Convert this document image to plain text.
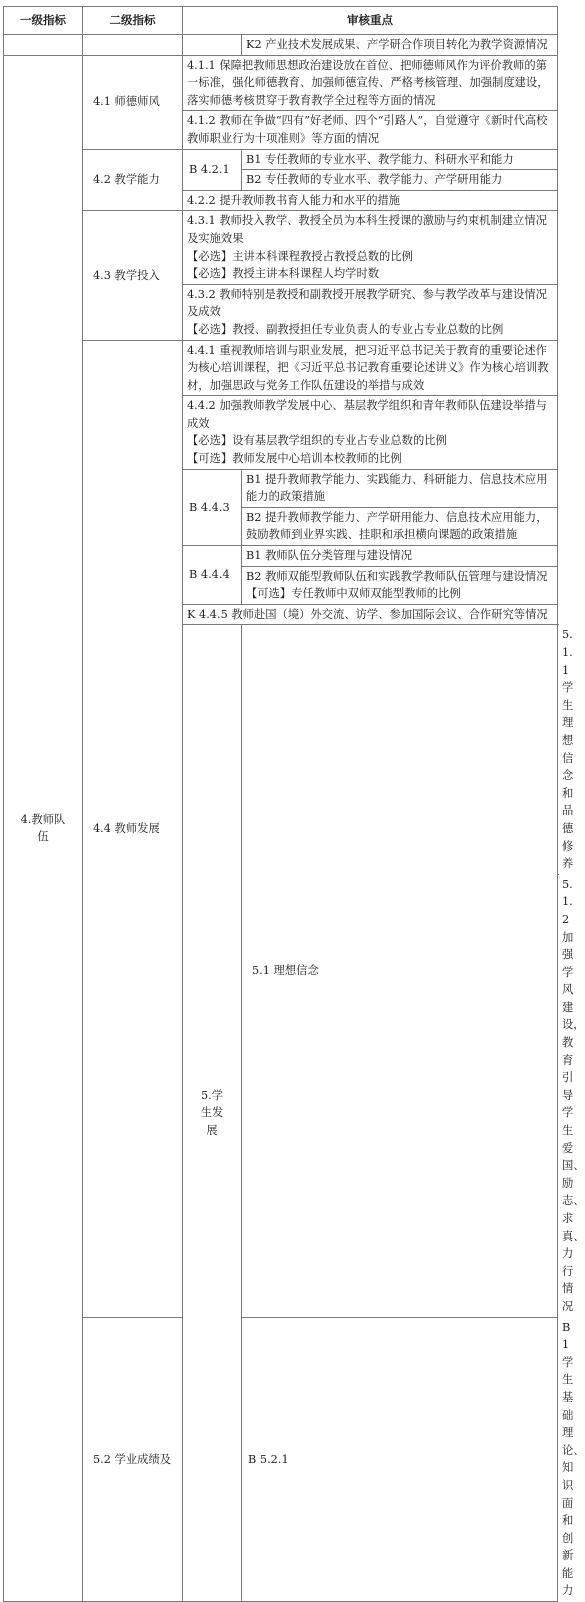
一级指标	二级指标	审核重点		
			K2 产业技术发展成果、产学研合作项目转化为教学资源情况	
4.教师队伍	4.1 师德师风	4.1.1 保障把教师思想政治建设放在首位、把师德师风作为评价教师的第一标准，强化师德教育、加强师德宣传、严格考核管理、加强制度建设，落实师德考核贯穿于教育教学全过程等方面的情况		
		4.1.2 教师在争做“四有”好老师、四个“引路人”，自觉遵守《新时代高校教师职业行为十项准则》等方面的情况		
	4.2 教学能力	B 4.2.1	B1 专任教师的专业水平、教学能力、科研水平和能力	
			B2 专任教师的专业水平、教学能力、产学研用能力	
		4.2.2 提升教师教书育人能力和水平的措施		
	4.3 教学投入	4.3.1 教师投入教学、教授全员为本科生授课的激励与约束机制建立情况及实施效果
【必选】主讲本科课程教授占教授总数的比例
【必选】教授主讲本科课程人均学时数		

		4.3.2 教师特别是教授和副教授开展教学研究、参与教学改革与建设情况及成效
【必选】教授、副教授担任专业负责人的专业占专业总数的比例		

	4.4 教师发展	4.4.1 重视教师培训与职业发展，把习近平总书记关于教育的重要论述作为核心培训课程，把《习近平总书记教育重要论述讲义》作为核心培训教材，加强思政与党务工作队伍建设的举措与成效		

		4.4.2 加强教师教学发展中心、基层教学组织和青年教师队伍建设举措与成效
【必选】设有基层教学组织的专业占专业总数的比例
【可选】教师发展中心培训本校教师的比例		

		B 4.4.3	B1 提升教师教学能力、实践能力、科研能力、信息技术应用能力的政策措施	
			B2 提升教师教学能力、产学研用能力、信息技术应用能力，鼓励教师到业界实践、挂职和承担横向课题的政策措施	
		B 4.4.4	B1 教师队伍分类管理与建设情况	

			B2 教师双能型教师队伍和实践教学教师队伍管理与建设情况
【可选】专任教师中双师双能型教师的比例	

		K 4.4.5 教师赴国（境）外交流、访学、参加国际会议、合作研究等情况		
		5.学生发展	5.1 理想信念	5.1.1 学生理想信念和品德修养
				5.1.2 加强学风建设，教育引导学生爱国、励志、求真、力行情况
	5.2 学业成绩及		B 5.2.1	B1 学生基础理论、知识面和创新能力
